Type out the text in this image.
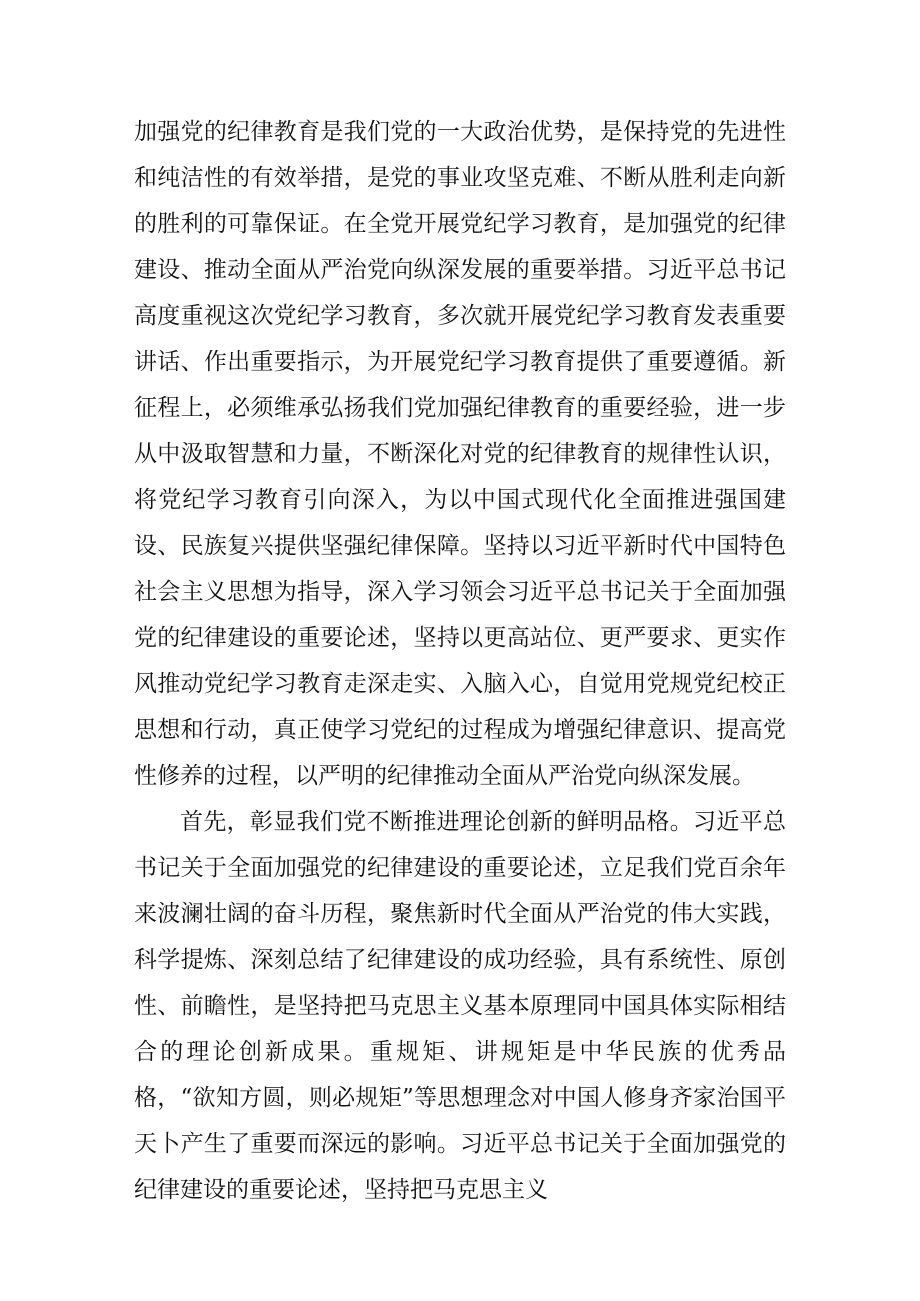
加强党的纪律教育是我们党的一大政治优势，是保持党的先进性和纯洁性的有效举措，是党的事业攻坚克难、不断从胜利走向新的胜利的可靠保证。在全党开展党纪学习教育，是加强党的纪律建设、推动全面从严治党向纵深发展的重要举措。习近平总书记高度重视这次党纪学习教育，多次就开展党纪学习教育发表重要讲话、作出重要指示，为开展党纪学习教育提供了重要遵循。新征程上，必须维承弘扬我们党加强纪律教育的重要经验，进一步从中汲取智慧和力量，不断深化对党的纪律教育的规律性认识，将党纪学习教育引向深入，为以中国式现代化全面推进强国建设、民族复兴提供坚强纪律保障。坚持以习近平新时代中国特色社会主义思想为指导，深入学习领会习近平总书记关于全面加强党的纪律建设的重要论述，坚持以更高站位、更严要求、更实作风推动党纪学习教育走深走实、入脑入心，自觉用党规党纪校正思想和行动，真正使学习党纪的过程成为增强纪律意识、提高党性修养的过程，以严明的纪律推动全面从严治党向纵深发展。

首先，彰显我们党不断推进理论创新的鲜明品格。习近平总书记关于全面加强党的纪律建设的重要论述，立足我们党百余年来波澜壮阔的奋斗历程，聚焦新时代全面从严治党的伟大实践，科学提炼、深刻总结了纪律建设的成功经验，具有系统性、原创性、前瞻性，是坚持把马克思主义基本原理同中国具体实际相结合的理论创新成果。重规矩、讲规矩是中华民族的优秀品格，“欲知方圆，则必规矩”等思想理念对中国人修身齐家治国平天卜产生了重要而深远的影响。习近平总书记关于全面加强党的纪律建设的重要论述，坚持把马克思主义
